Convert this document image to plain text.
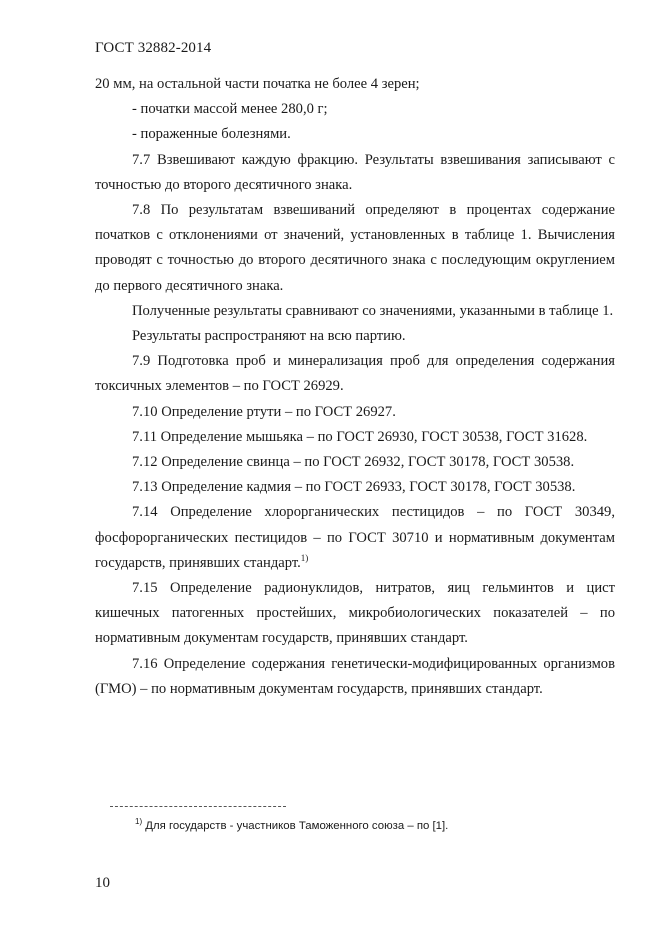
ГОСТ 32882-2014

20 мм, на остальной части початка не более 4 зерен;

- початки массой менее 280,0 г;

- пораженные болезнями.

7.7 Взвешивают каждую фракцию. Результаты взвешивания записывают с точностью до второго десятичного знака.

7.8 По результатам взвешиваний определяют в процентах содержание початков с отклонениями от значений, установленных в таблице 1. Вычисления проводят с точностью до второго десятичного знака с последующим округлением до первого десятичного знака.

Полученные результаты сравнивают со значениями, указанными в таблице 1.

Результаты распространяют на всю партию.

7.9 Подготовка проб и минерализация проб для определения содержания токсичных элементов – по ГОСТ 26929.

7.10 Определение ртути – по ГОСТ 26927.

7.11 Определение мышьяка – по ГОСТ 26930, ГОСТ 30538, ГОСТ 31628.

7.12 Определение свинца – по ГОСТ 26932, ГОСТ 30178, ГОСТ 30538.

7.13 Определение кадмия – по ГОСТ 26933, ГОСТ 30178, ГОСТ 30538.

7.14 Определение хлорорганических пестицидов – по ГОСТ 30349, фосфорорганических пестицидов – по ГОСТ 30710 и нормативным документам государств, принявших стандарт.$^{1)}$

7.15 Определение радионуклидов, нитратов, яиц гельминтов и цист кишечных патогенных простейших, микробиологических показателей – по нормативным документам государств, принявших стандарт.

7.16 Определение содержания генетически-модифицированных организмов (ГМО) – по нормативным документам государств, принявших стандарт.

$^{1)}$ Для государств - участников Таможенного союза – по [1].
10
